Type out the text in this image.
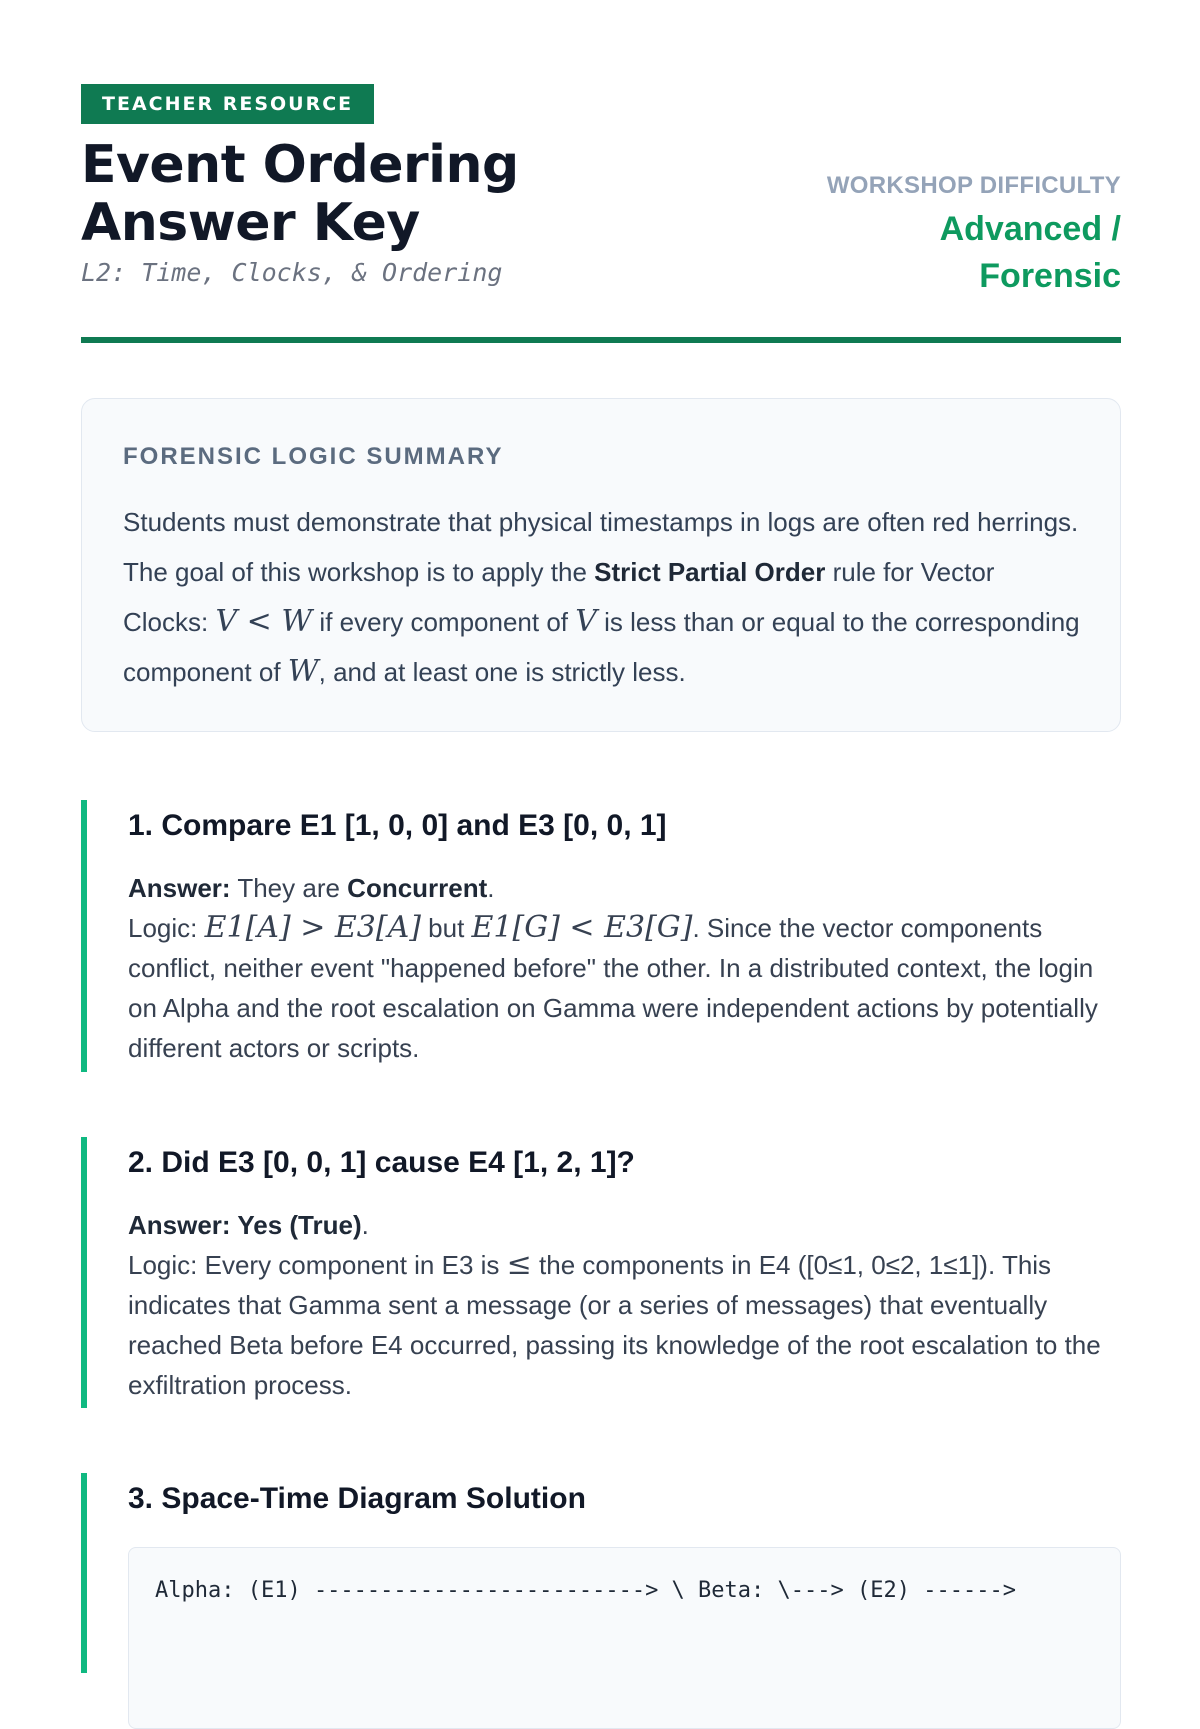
TEACHER RESOURCE
Event Ordering Answer Key
L2: Time, Clocks, & Ordering
WORKSHOP DIFFICULTY
Advanced / Forensic
FORENSIC LOGIC SUMMARY

Students must demonstrate that physical timestamps in logs are often red herrings. The goal of this workshop is to apply the Strict Partial Order rule for Vector Clocks: V < W if every component of V is less than or equal to the corresponding component of W, and at least one is strictly less.

1. Compare E1 [1, 0, 0] and E3 [0, 0, 1]
Answer: They are Concurrent.
Logic: E1[A] > E3[A] but E1[G] < E3[G]. Since the vector components conflict, neither event "happened before" the other. In a distributed context, the login on Alpha and the root escalation on Gamma were independent actions by potentially different actors or scripts.
2. Did E3 [0, 0, 1] cause E4 [1, 2, 1]?
Answer: Yes (True).
Logic: Every component in E3 is ≤ the components in E4 ([0≤1, 0≤2, 1≤1]). This indicates that Gamma sent a message (or a series of messages) that eventually reached Beta before E4 occurred, passing its knowledge of the root escalation to the exfiltration process.
3. Space-Time Diagram Solution
Alpha: (E1) -------------------------> \ Beta: \---> (E2) ------>
